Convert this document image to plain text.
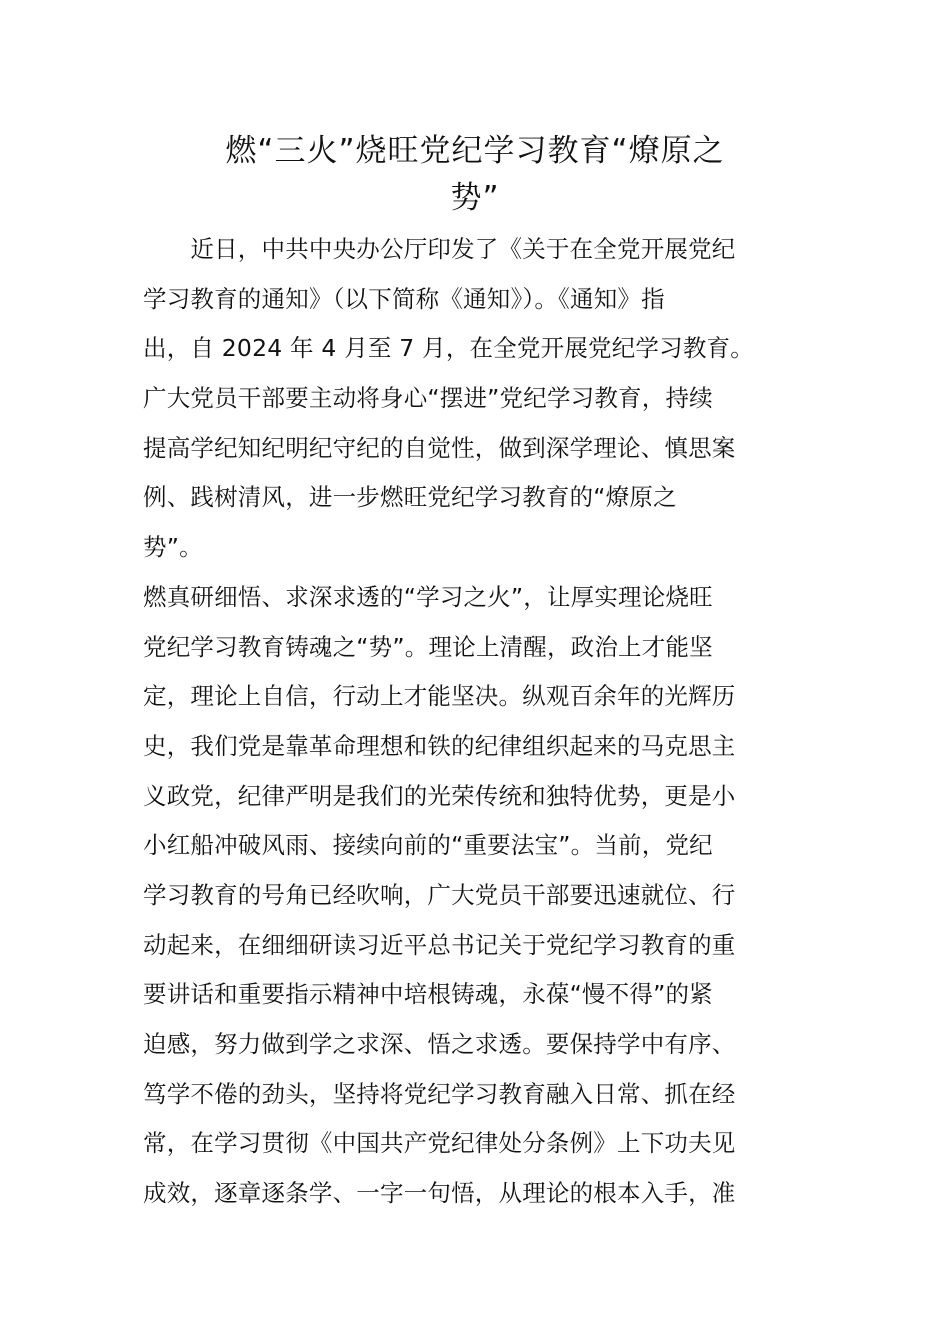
燃“三火”烧旺党纪学习教育“燎原之
势”
　　近日，中共中央办公厅印发了《关于在全党开展党纪
学习教育的通知》（以下简称《通知》）。《通知》指
出，自 2024 年 4 月至 7 月，在全党开展党纪学习教育。
广大党员干部要主动将身心“摆进”党纪学习教育，持续
提高学纪知纪明纪守纪的自觉性，做到深学理论、慎思案
例、践树清风，进一步燃旺党纪学习教育的“燎原之
势”。
燃真研细悟、求深求透的“学习之火”，让厚实理论烧旺
党纪学习教育铸魂之“势”。理论上清醒，政治上才能坚
定，理论上自信，行动上才能坚决。纵观百余年的光辉历
史，我们党是靠革命理想和铁的纪律组织起来的马克思主
义政党，纪律严明是我们的光荣传统和独特优势，更是小
小红船冲破风雨、接续向前的“重要法宝”。当前，党纪
学习教育的号角已经吹响，广大党员干部要迅速就位、行
动起来，在细细研读习近平总书记关于党纪学习教育的重
要讲话和重要指示精神中培根铸魂，永葆“慢不得”的紧
迫感，努力做到学之求深、悟之求透。要保持学中有序、
笃学不倦的劲头，坚持将党纪学习教育融入日常、抓在经
常，在学习贯彻《中国共产党纪律处分条例》上下功夫见
成效，逐章逐条学、一字一句悟，从理论的根本入手，准
